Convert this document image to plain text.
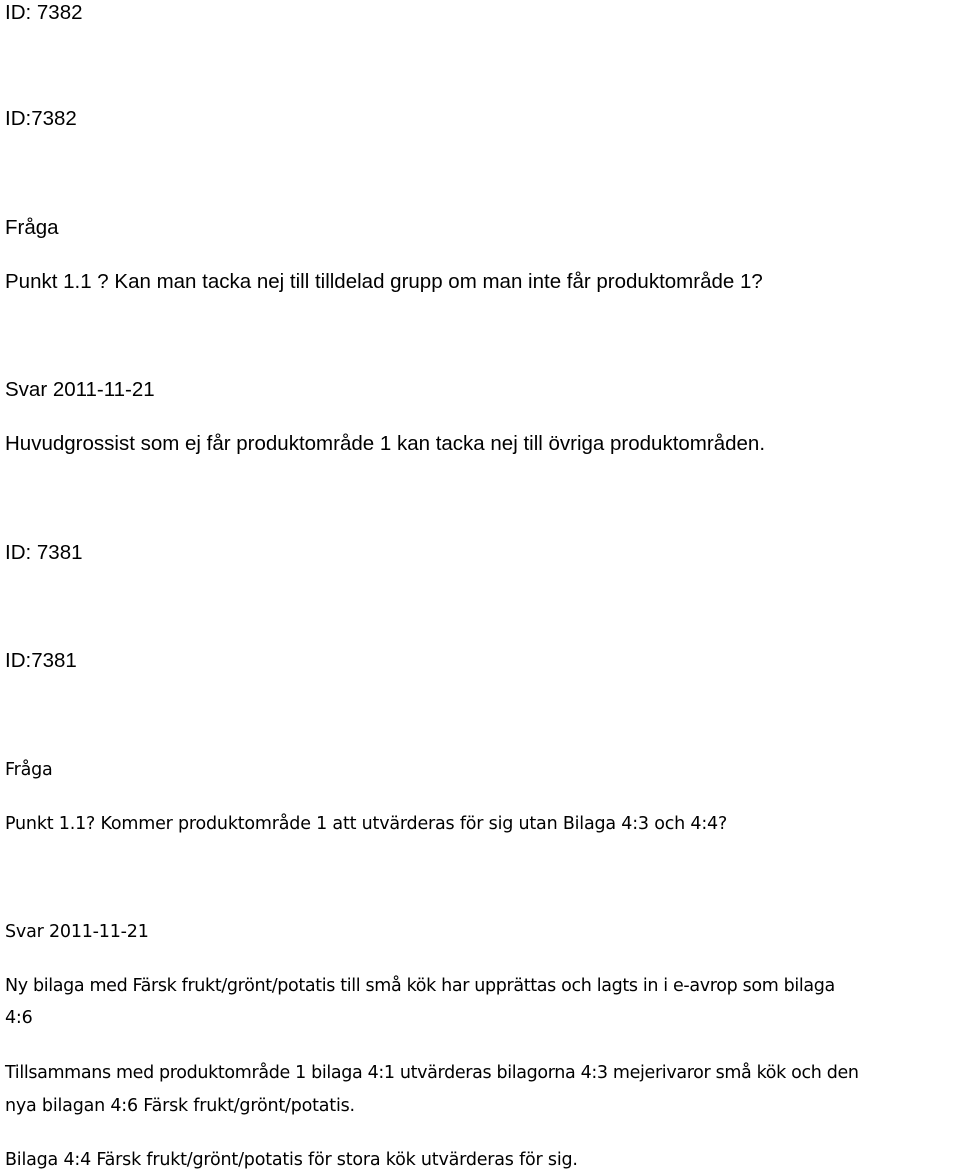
ID: 7382

ID:7382

Fråga

Punkt 1.1 ? Kan man tacka nej till tilldelad grupp om man inte får produktområde 1?

Svar 2011-11-21

Huvudgrossist som ej får produktområde 1 kan tacka nej till övriga produktområden.

ID: 7381

ID:7381

Fråga

Punkt 1.1? Kommer produktområde 1 att utvärderas för sig utan Bilaga 4:3 och 4:4?

Svar 2011-11-21

Ny bilaga med Färsk frukt/grönt/potatis till små kök har upprättas och lagts in i e-avrop som bilaga

4:6

Tillsammans med produktområde 1 bilaga 4:1 utvärderas bilagorna 4:3 mejerivaror små kök och den

nya bilagan 4:6 Färsk frukt/grönt/potatis.

Bilaga 4:4 Färsk frukt/grönt/potatis för stora kök utvärderas för sig.
